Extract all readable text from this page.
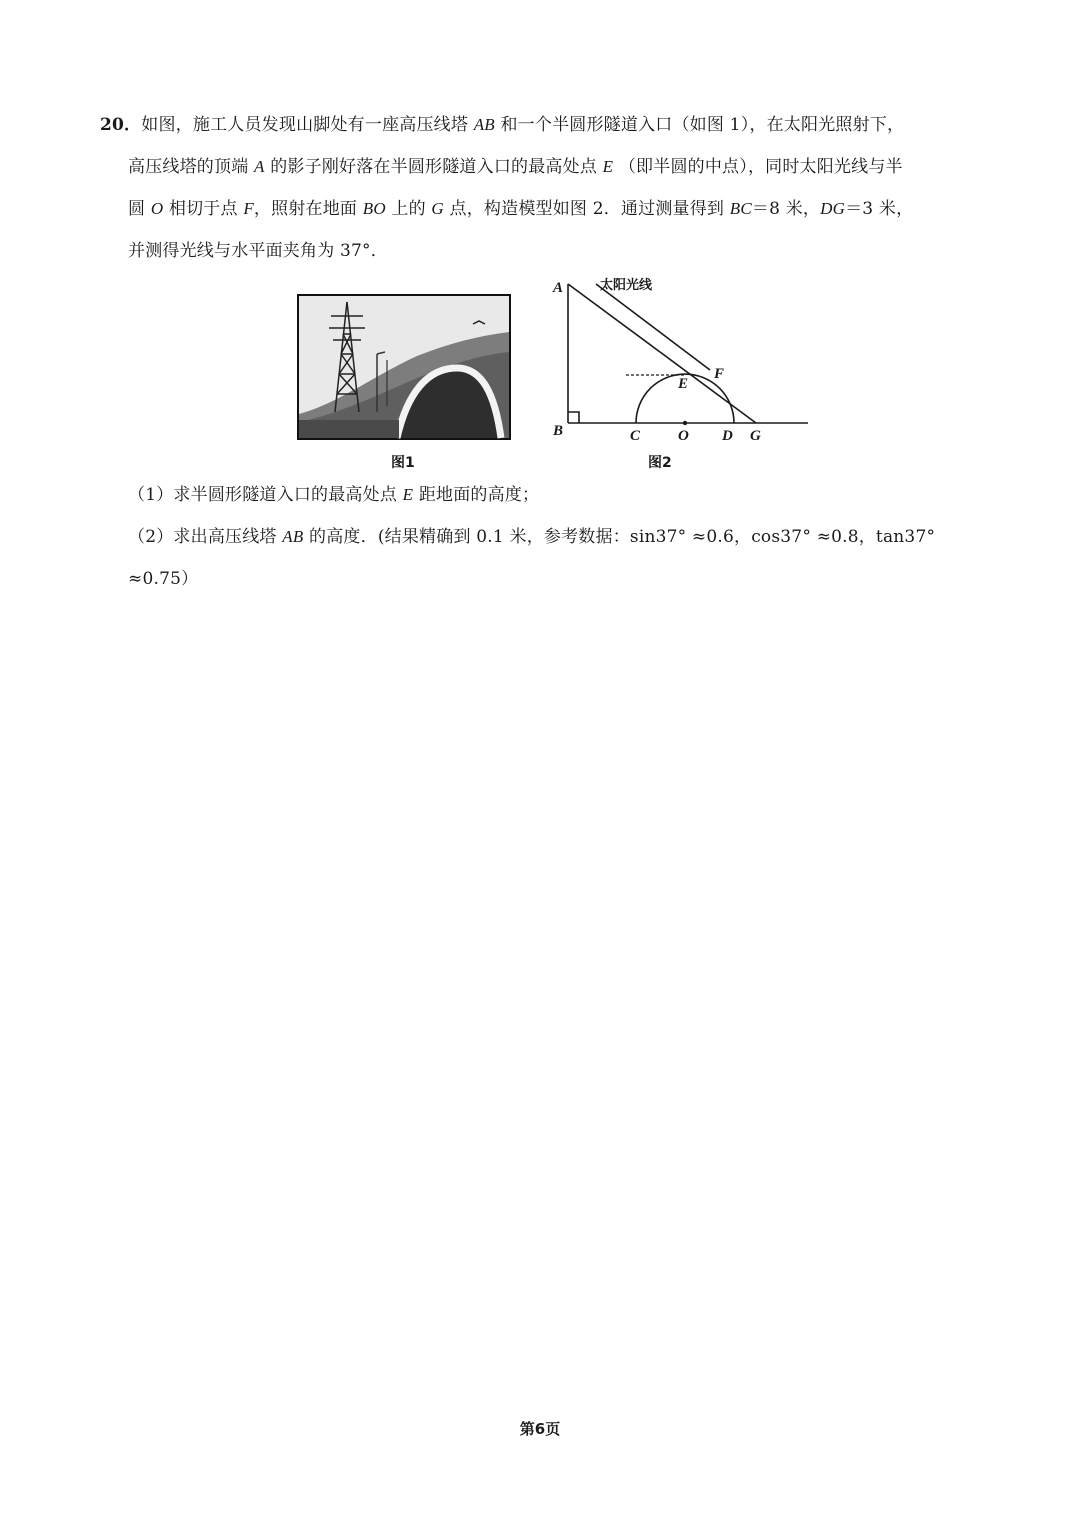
20．如图，施工人员发现山脚处有一座高压线塔 AB 和一个半圆形隧道入口（如图 1），在太阳光照射下，
高压线塔的顶端 A 的影子刚好落在半圆形隧道入口的最高处点 E （即半圆的中点），同时太阳光线与半
圆 O 相切于点 F，照射在地面 BO 上的 G 点，构造模型如图 2．通过测量得到 BC＝8 米，DG＝3 米，
并测得光线与水平面夹角为 37°．
图1
太阳光线
A
B	C	O D G
E
F
图2
（1）求半圆形隧道入口的最高处点 E 距地面的高度；
（2）求出高压线塔 AB 的高度．(结果精确到 0.1 米，参考数据：sin37° ≈0.6，cos37° ≈0.8，tan37°
≈0.75）
第6页
